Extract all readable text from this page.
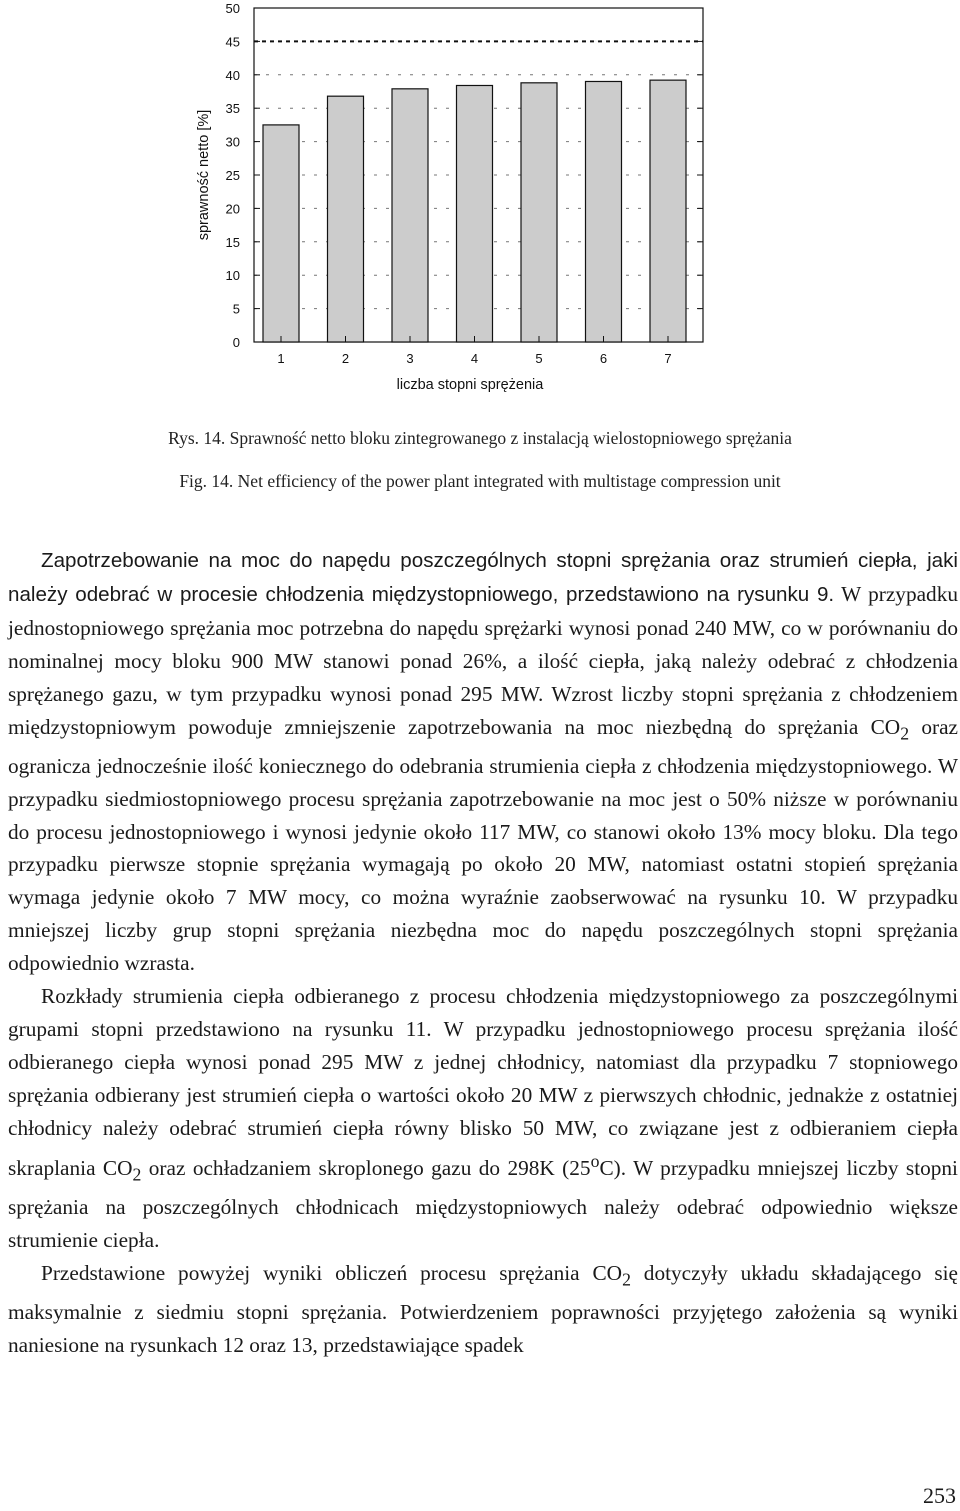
0
5
10
15
20
25
30
35
40
45
50
1	2	3	4	5	6	7
liczba stopni sprężenia
sprawność netto [%]
Rys. 14. Sprawność netto bloku zintegrowanego z instalacją wielostopniowego sprężania
Fig. 14. Net efficiency of the power plant integrated with multistage compression unit

Zapotrzebowanie na moc do napędu poszczególnych stopni sprężania oraz strumień ciepła, jaki należy odebrać w procesie chłodzenia międzystopniowego, przedstawiono na rysunku 9. W przypadku jednostopniowego sprężania moc potrzebna do napędu sprężarki wynosi ponad 240 MW, co w porównaniu do nominalnej mocy bloku 900 MW stanowi ponad 26%, a ilość ciepła, jaką należy odebrać z chłodzenia sprężanego gazu, w tym przypadku wynosi ponad 295 MW. Wzrost liczby stopni sprężania z chłodzeniem międzystopniowym powoduje zmniejszenie zapotrzebowania na moc niezbędną do sprężania $CO_2$ oraz ogranicza jednocześnie ilość koniecznego do odebrania strumienia ciepła z chłodzenia międzystopniowego. W przypadku siedmiostopniowego procesu sprężania zapotrzebowanie na moc jest o 50% niższe w porównaniu do procesu jednostopniowego i wynosi jedynie około 117 MW, co stanowi około 13% mocy bloku. Dla tego przypadku pierwsze stopnie sprężania wymagają po około 20 MW, natomiast ostatni stopień sprężania wymaga jedynie około 7 MW mocy, co można wyraźnie zaobserwować na rysunku 10. W przypadku mniejszej liczby grup stopni sprężania niezbędna moc do napędu poszczególnych stopni sprężania odpowiednio wzrasta.

Rozkłady strumienia ciepła odbieranego z procesu chłodzenia międzystopniowego za poszczególnymi grupami stopni przedstawiono na rysunku 11. W przypadku jednostopniowego procesu sprężania ilość odbieranego ciepła wynosi ponad 295 MW z jednej chłodnicy, natomiast dla przypadku 7 stopniowego sprężania odbierany jest strumień ciepła o wartości około 20 MW z pierwszych chłodnic, jednakże z ostatniej chłodnicy należy odebrać strumień ciepła równy blisko 50 MW, co związane jest z odbieraniem ciepła skraplania $CO_2$ oraz ochładzaniem skroplonego gazu do 298K (25$^o$C). W przypadku mniejszej liczby stopni sprężania na poszczególnych chłodnicach międzystopniowych należy odebrać odpowiednio większe strumienie ciepła.

Przedstawione powyżej wyniki obliczeń procesu sprężania $CO_2$ dotyczyły układu składającego się maksymalnie z siedmiu stopni sprężania. Potwierdzeniem poprawności przyjętego założenia są wyniki naniesione na rysunkach 12 oraz 13, przedstawiające spadek

253
